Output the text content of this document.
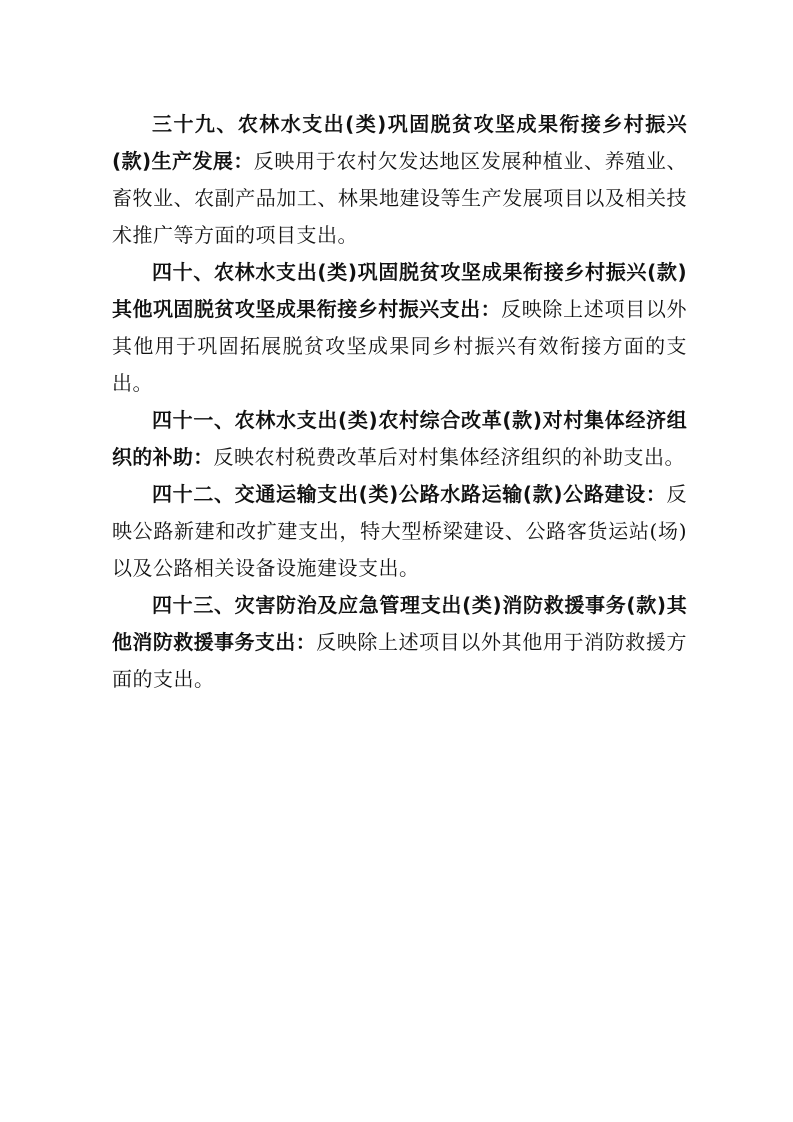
三十九、农林水支出(类)巩固脱贫攻坚成果衔接乡村振兴(款)生产发展：反映用于农村欠发达地区发展种植业、养殖业、畜牧业、农副产品加工、林果地建设等生产发展项目以及相关技术推广等方面的项目支出。

四十、农林水支出(类)巩固脱贫攻坚成果衔接乡村振兴(款)其他巩固脱贫攻坚成果衔接乡村振兴支出：反映除上述项目以外其他用于巩固拓展脱贫攻坚成果同乡村振兴有效衔接方面的支出。

四十一、农林水支出(类)农村综合改革(款)对村集体经济组织的补助：反映农村税费改革后对村集体经济组织的补助支出。

四十二、交通运输支出(类)公路水路运输(款)公路建设：反映公路新建和改扩建支出，特大型桥梁建设、公路客货运站(场)以及公路相关设备设施建设支出。

四十三、灾害防治及应急管理支出(类)消防救援事务(款)其他消防救援事务支出：反映除上述项目以外其他用于消防救援方面的支出。
